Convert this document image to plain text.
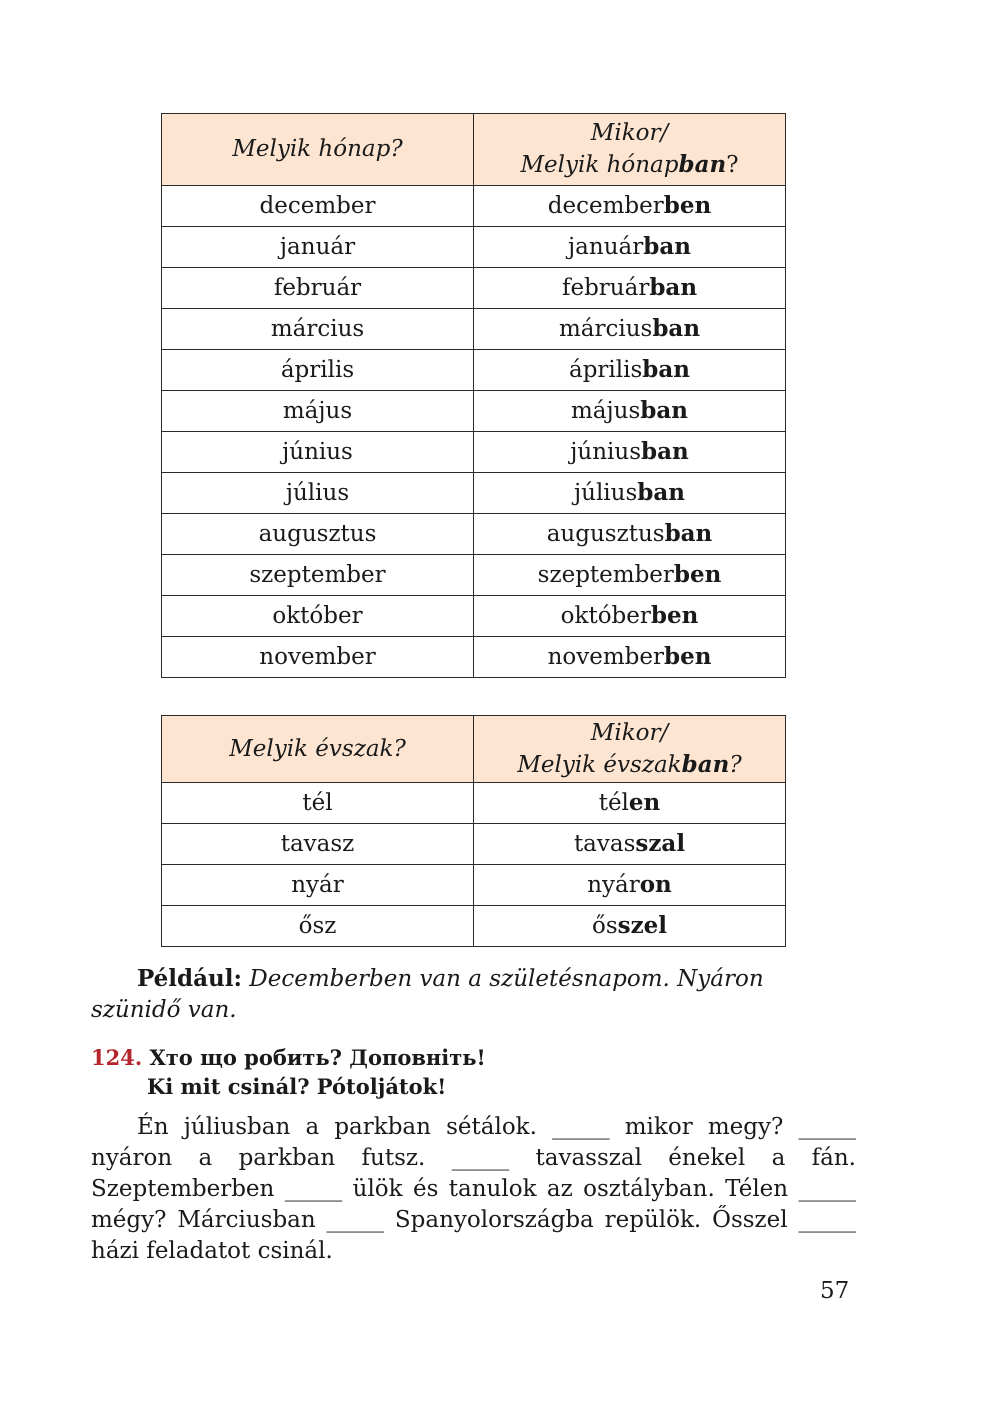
Melyik hónap?	Mikor/
Melyik hónapban?
december	decemberben
január	januárban
február	februárban
március	márciusban
április	áprilisban
május	májusban
június	júniusban
július	júliusban
augusztus	augusztusban
szeptember	szeptemberben
október	októberben
november	novemberben
Melyik évszak?	Mikor/
Melyik évszakban?
tél	télen
tavasz	tavasszal
nyár	nyáron
ősz	ősszel
Például: Decemberben van a születésnapom. Nyáron szünidő van.
124. Хто що робить? Доповніть!
Ki mit csinál? Pótoljátok!
Én júliusban a parkban sétálok. _____ mikor megy? _____ nyáron a parkban futsz. _____ tavasszal énekel a fán. Szeptemberben _____ ülök és tanulok az osztályban. Télen _____ mégy? Márciusban _____ Spanyolországba repülök. Ősszel _____ házi feladatot csinál.
57
